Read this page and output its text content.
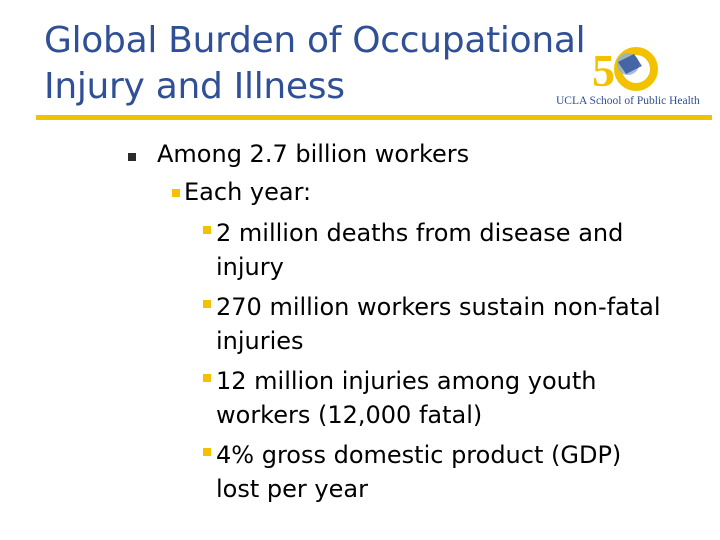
Global Burden of Occupational
Injury and Illness	5
UCLA School of Public Health
Among 2.7 billion workers
Each year:
2 million deaths from disease and
injury
270 million workers sustain non-fatal
injuries
12 million injuries among youth
workers (12,000 fatal)
4% gross domestic product (GDP)
lost per year
